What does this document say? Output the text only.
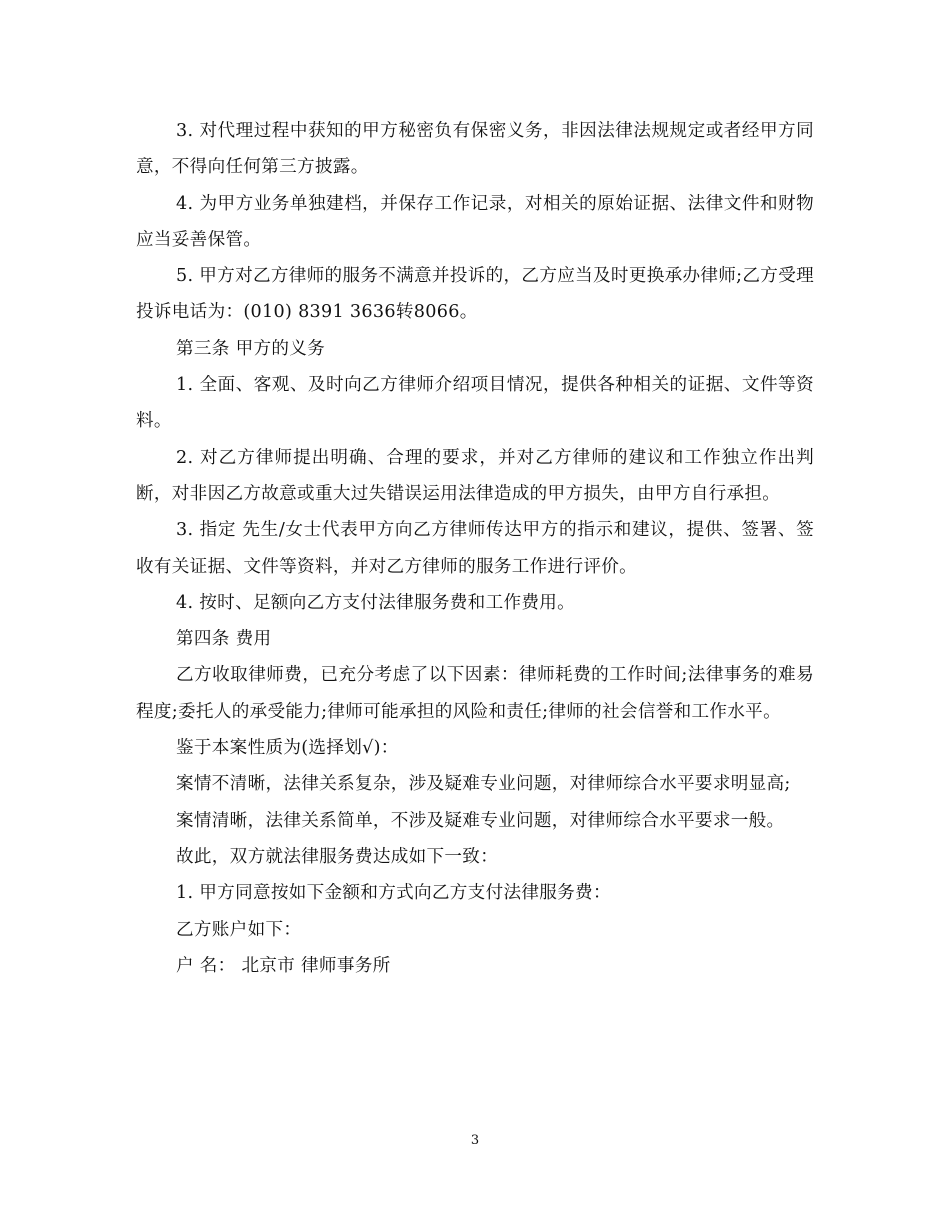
3. 对代理过程中获知的甲方秘密负有保密义务，非因法律法规规定或者经甲方同意，不得向任何第三方披露。

4. 为甲方业务单独建档，并保存工作记录，对相关的原始证据、法律文件和财物应当妥善保管。

5. 甲方对乙方律师的服务不满意并投诉的，乙方应当及时更换承办律师;乙方受理投诉电话为：(010) 8391 3636转8066。

第三条 甲方的义务

1. 全面、客观、及时向乙方律师介绍项目情况，提供各种相关的证据、文件等资料。

2. 对乙方律师提出明确、合理的要求，并对乙方律师的建议和工作独立作出判断，对非因乙方故意或重大过失错误运用法律造成的甲方损失，由甲方自行承担。

3. 指定 先生/女士代表甲方向乙方律师传达甲方的指示和建议，提供、签署、签收有关证据、文件等资料，并对乙方律师的服务工作进行评价。

4. 按时、足额向乙方支付法律服务费和工作费用。

第四条 费用

乙方收取律师费，已充分考虑了以下因素：律师耗费的工作时间;法律事务的难易程度;委托人的承受能力;律师可能承担的风险和责任;律师的社会信誉和工作水平。

鉴于本案性质为(选择划√)：

案情不清晰，法律关系复杂，涉及疑难专业问题，对律师综合水平要求明显高;

案情清晰，法律关系简单，不涉及疑难专业问题，对律师综合水平要求一般。

故此，双方就法律服务费达成如下一致：

1. 甲方同意按如下金额和方式向乙方支付法律服务费：

乙方账户如下：

户 名： 北京市 律师事务所

3
